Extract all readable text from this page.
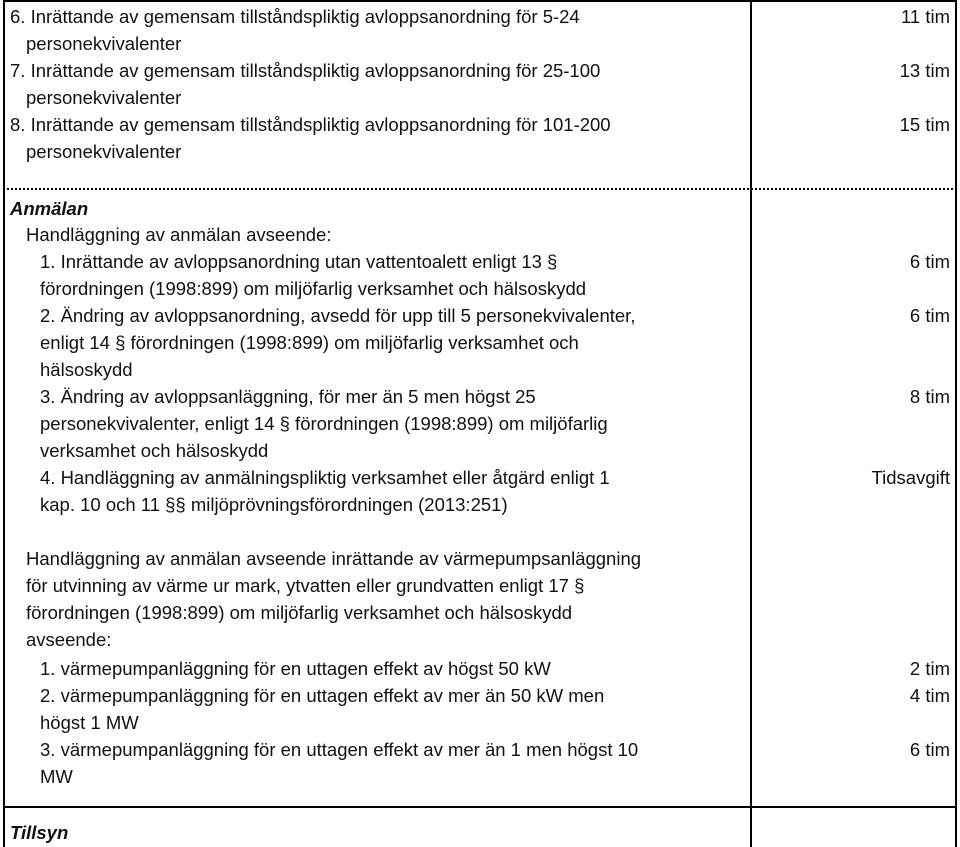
6. Inrättande av gemensam tillståndspliktig avloppsanordning för 5-24
personekvivalenter
11 tim
7. Inrättande av gemensam tillståndspliktig avloppsanordning för 25-100
personekvivalenter
13 tim
8. Inrättande av gemensam tillståndspliktig avloppsanordning för 101-200
personekvivalenter
15 tim
Anmälan
Handläggning av anmälan avseende:
1. Inrättande av avloppsanordning utan vattentoalett enligt 13 §
förordningen (1998:899) om miljöfarlig verksamhet och hälsoskydd
6 tim
2. Ändring av avloppsanordning, avsedd för upp till 5 personekvivalenter,
enligt 14 § förordningen (1998:899) om miljöfarlig verksamhet och
hälsoskydd
6 tim
3. Ändring av avloppsanläggning, för mer än 5 men högst 25
personekvivalenter, enligt 14 § förordningen (1998:899) om miljöfarlig
verksamhet och hälsoskydd
8 tim
4. Handläggning av anmälningspliktig verksamhet eller åtgärd enligt 1
kap. 10 och 11 §§ miljöprövningsförordningen (2013:251)
Tidsavgift
Handläggning av anmälan avseende inrättande av värmepumpsanläggning
för utvinning av värme ur mark, ytvatten eller grundvatten enligt 17 §
förordningen (1998:899) om miljöfarlig verksamhet och hälsoskydd
avseende:
1. värmepumpanläggning för en uttagen effekt av högst 50 kW	2 tim
2. värmepumpanläggning för en uttagen effekt av mer än 50 kW men
högst 1 MW
4 tim
3. värmepumpanläggning för en uttagen effekt av mer än 1 men högst 10
MW
6 tim
Tillsyn
